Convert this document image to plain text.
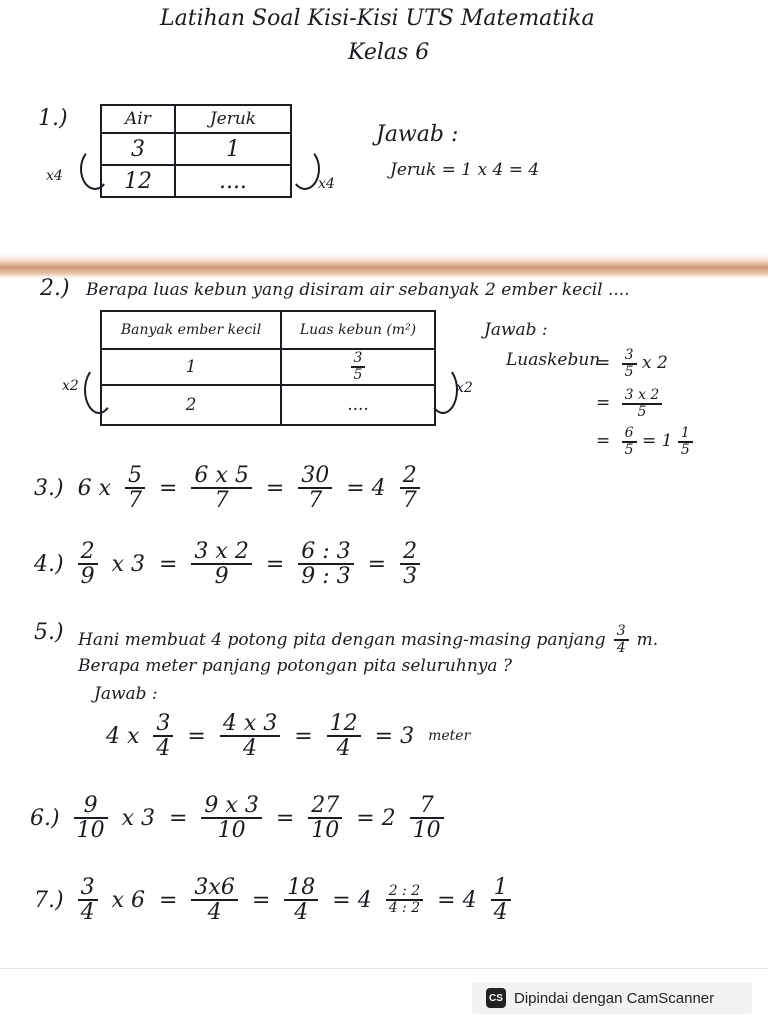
Latihan Soal Kisi-Kisi UTS Matematika
Kelas 6
1.)	Air	Jeruk
3	1
12	....
x4	x4
Jawab :
Jeruk = 1 x 4 = 4
2.) Berapa luas kebun yang disiram air sebanyak 2 ember kecil ....
Banyak ember kecil	Luas kebun (m²)
1	$\frac{3}{5}$

2	....
x2	x2
Jawab :
Luaskebun
= $\frac{3}{5}$ x 2
= $\frac{3 x 2}{5}$
= $\frac{6}{5} = 1 \frac{1}{5}$
3.) 6 x $\frac{5}{7} = \frac{6 x 5}{7} = \frac{30}{7} = 4 \frac{2}{7}$
$4.) \frac{2}{9}$ x $3 = \frac{3 x 2}{9} = \frac{6 : 3}{9 : 3} = \frac{2}{3}$
5.) Hani membuat 4 potong pita dengan masing-masing panjang $\frac{3}{4} m$.
Berapa meter panjang potongan pita seluruhnya ?
Jawab :
4 x $\frac{3}{4} = \frac{4 x 3}{4} = \frac{12}{4} = 3$ meter
$6.) \frac{9}{10}$ x $3 = \frac{9 x 3}{10} = \frac{27}{10} = 2 \frac{7}{10}$
$7.) \frac{3}{4}$ x $6 = \frac{3x6}{4} = \frac{18}{4} = 4 \frac{2 : 2}{4 : 2} = 4 \frac{1}{4}$
CS Dipindai dengan CamScanner
